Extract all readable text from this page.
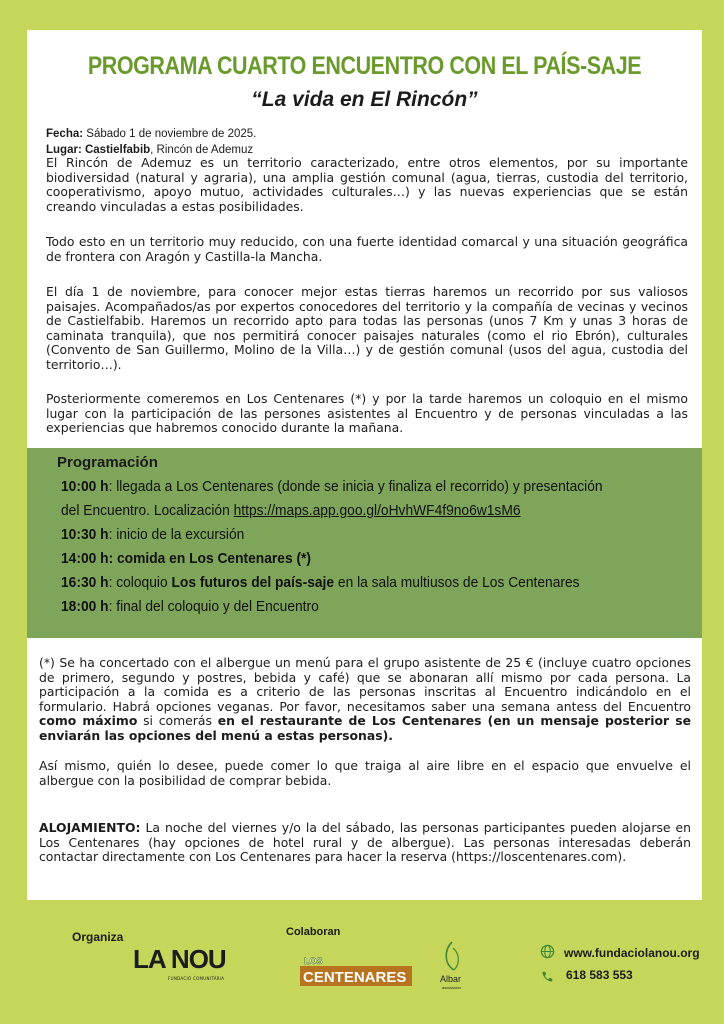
PROGRAMA CUARTO ENCUENTRO CON EL PAÍS-SAJE
“La vida en El Rincón”
Fecha: Sábado 1 de noviembre de 2025.
Lugar: Castielfabib, Rincón de Ademuz

El Rincón de Ademuz es un territorio caracterizado, entre otros elementos, por su importante biodiversidad (natural y agraria), una amplia gestión comunal (agua, tierras, custodia del territorio, cooperativismo, apoyo mutuo, actividades culturales…) y las nuevas experiencias que se están creando vinculadas a estas posibilidades.

Todo esto en un territorio muy reducido, con una fuerte identidad comarcal y una situación geográfica de frontera con Aragón y Castilla-la Mancha.

El día 1 de noviembre, para conocer mejor estas tierras haremos un recorrido por sus valiosos paisajes. Acompañados/as por expertos conocedores del territorio y la compañía de vecinas y vecinos de Castielfabib. Haremos un recorrido apto para todas las personas (unos 7 Km y unas 3 horas de caminata tranquila), que nos permitirá conocer paisajes naturales (como el rio Ebrón), culturales (Convento de San Guillermo, Molino de la Villa…) y de gestión comunal (usos del agua, custodia del territorio…).

Posteriormente comeremos en Los Centenares (*) y por la tarde haremos un coloquio en el mismo lugar con la participación de las persones asistentes al Encuentro y de personas vinculadas a las experiencias que habremos conocido durante la mañana.

Programación
10:00 h: llegada a Los Centenares (donde se inicia y finaliza el recorrido) y presentación
del Encuentro. Localización https://maps.app.goo.gl/oHvhWF4f9no6w1sM6
10:30 h: inicio de la excursión
14:00 h: comida en Los Centenares (*)
16:30 h: coloquio Los futuros del país-saje en la sala multiusos de Los Centenares
18:00 h: final del coloquio y del Encuentro

(*) Se ha concertado con el albergue un menú para el grupo asistente de 25 € (incluye cuatro opciones de primero, segundo y postres, bebida y café) que se abonaran allí mismo por cada persona. La participación a la comida es a criterio de las personas inscritas al Encuentro indicándolo en el formulario. Habrá opciones veganas. Por favor, necesitamos saber una semana antess del Encuentro como máximo si comerás en el restaurante de Los Centenares (en un mensaje posterior se enviarán las opciones del menú a estas personas).

Así mismo, quién lo desee, puede comer lo que traiga al aire libre en el espacio que envuelve el albergue con la posibilidad de comprar bebida.

ALOJAMIENTO: La noche del viernes y/o la del sábado, las personas participantes pueden alojarse en Los Centenares (hay opciones de hotel rural y de albergue). Las personas interesadas deberán contactar directamente con Los Centenares para hacer la reserva (https://loscentenares.com).

Organiza	Colaboran
LA NOU
FUNDACIÓ COMUNITÀRIA
LOS
CENTENARES	Albar
asociación
www.fundaciolanou.org
618 583 553
